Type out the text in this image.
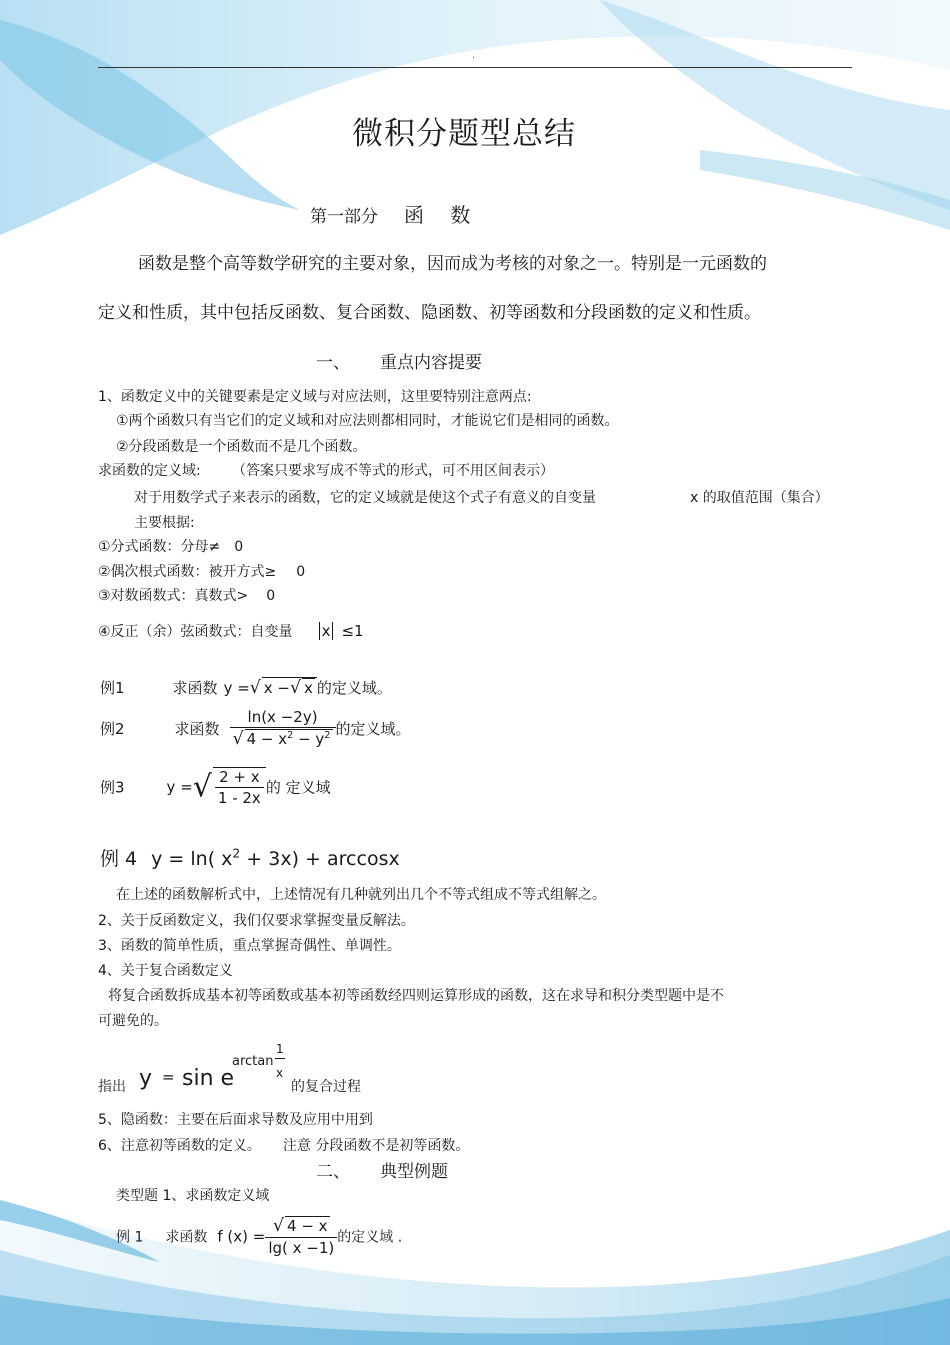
.
微积分题型总结
第一部分 函 数
函数是整个高等数学研究的主要对象，因而成为考核的对象之一。特别是一元函数的
定义和性质，其中包括反函数、复合函数、隐函数、初等函数和分段函数的定义和性质。
一、 重点内容提要
1、函数定义中的关键要素是定义域与对应法则，这里要特别注意两点:
①两个函数只有当它们的定义域和对应法则都相同时，才能说它们是相同的函数。
②分段函数是一个函数而不是几个函数。
求函数的定义域: （答案只要求写成不等式的形式，可不用区间表示）
对于用数学式子来表示的函数，它的定义域就是使这个式子有意义的自变量	x 的取值范围（集合）
主要根据:
①分式函数：分母≠ 0
②偶次根式函数：被开方式≥ 0
③对数函数式：真数式> 0
④反正（余）弦函数式：自变量 x ≤1
例1	求函数 y =√ x −√ x 的定义域。
例2	求函数 $\frac{\ln(x -2y)}{√ 4 - x^2 - y^2}$ 的定义域。
例3	y =√ $\frac{2 + x}{1 - 2x}$ 的 定义域
例 4 y = ln( $x^2 + 3x) + \arccos x$
在上述的函数解析式中，上述情况有几种就列出几个不等式组成不等式组解之。
2、关于反函数定义，我们仅要求掌握变量反解法。
3、函数的简单性质，重点掌握奇偶性、单调性。
4、关于复合函数定义
将复合函数拆成基本初等函数或基本初等函数经四则运算形成的函数，这在求导和积分类型题中是不
可避免的。
指出 y = sin e
arctan
1
x
的复合过程
5、隐函数：主要在后面求导数及应用中用到
6、注意初等函数的定义。 注意 分段函数不是初等函数。
二、 典型例题
类型题 1、求函数定义域
例 1 求函数 f $(x) = \frac{√ 4 - x}{\lg( x -1)}$ 的定义域 .
